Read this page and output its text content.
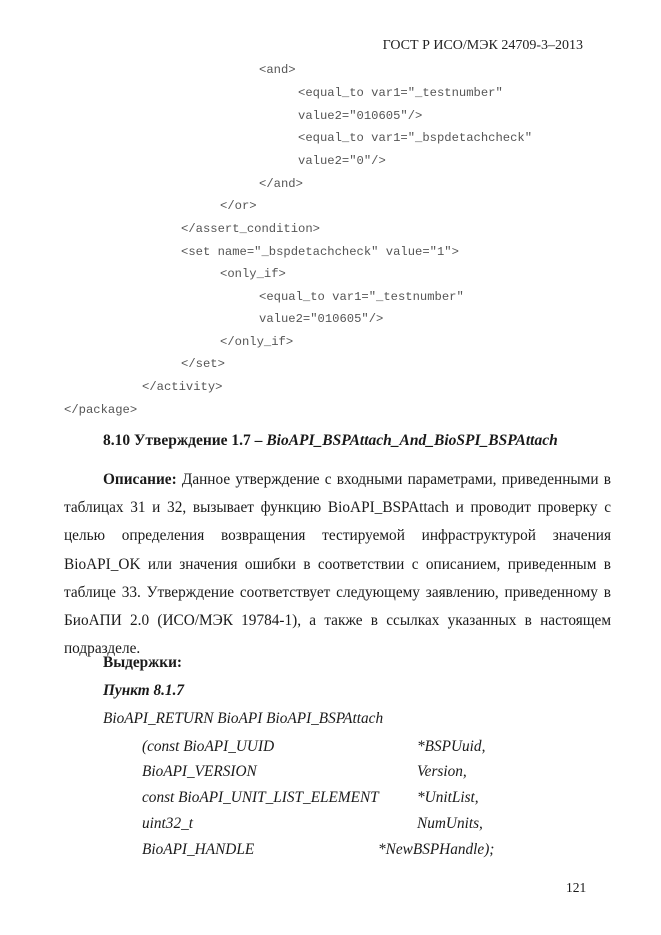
ГОСТ Р ИСО/МЭК 24709-3–2013
<and>
<equal_to var1="_testnumber"
value2="010605"/>
<equal_to var1="_bspdetachcheck"
value2="0"/>
</and>
</or>
</assert_condition>
<set name="_bspdetachcheck" value="1">
<only_if>
<equal_to var1="_testnumber"
value2="010605"/>
</only_if>
</set>
</activity>
</package>
8.10 Утверждение 1.7 – BioAPI_BSPAttach_And_BioSPI_BSPAttach
Описание: Данное утверждение с входными параметрами, приведенными в таблицах 31 и 32, вызывает функцию BioAPI_BSPAttach и проводит проверку с целью определения возвращения тестируемой инфраструктурой значения BioAPI_OK или значения ошибки в соответствии с описанием, приведенным в таблице 33. Утверждение соответствует следующему заявлению, приведенному в БиоАПИ 2.0 (ИСО/МЭК 19784-1), а также в ссылках указанных в настоящем подразделе.
Выдержки:
Пункт 8.1.7
BioAPI_RETURN BioAPI BioAPI_BSPAttach
(const BioAPI_UUID	*BSPUuid,
BioAPI_VERSION	Version,
const BioAPI_UNIT_LIST_ELEMENT	*UnitList,
uint32_t	NumUnits,
BioAPI_HANDLE	*NewBSPHandle);
121
